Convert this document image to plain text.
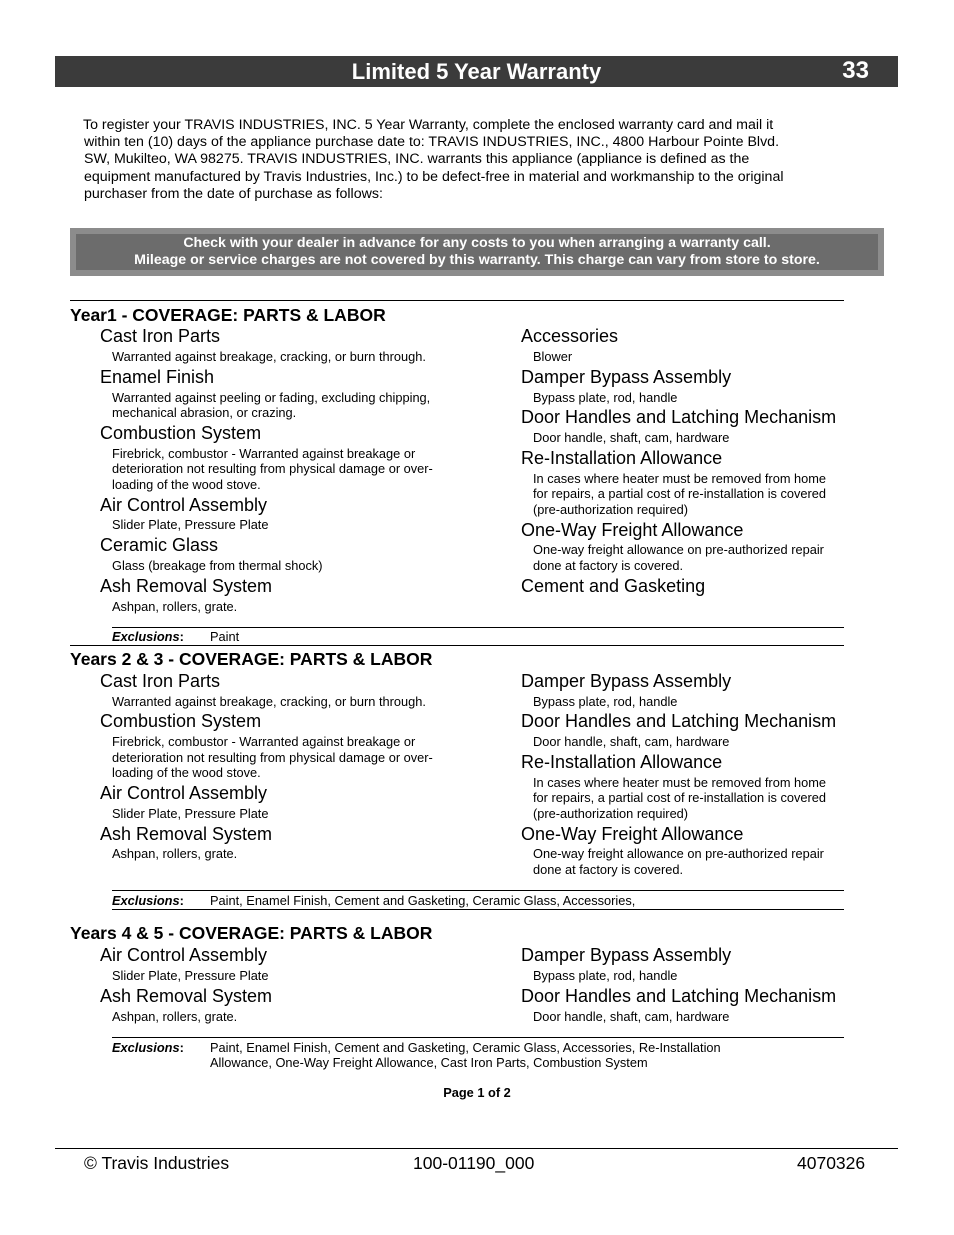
Limited 5 Year Warranty	33
To register your TRAVIS INDUSTRIES, INC. 5 Year Warranty, complete the enclosed warranty card and mail it
within ten (10) days of the appliance purchase date to: TRAVIS INDUSTRIES, INC., 4800 Harbour Pointe Blvd.
SW, Mukilteo, WA 98275. TRAVIS INDUSTRIES, INC. warrants this appliance (appliance is defined as the
equipment manufactured by Travis Industries, Inc.) to be defect-free in material and workmanship to the original
purchaser from the date of purchase as follows:
Check with your dealer in advance for any costs to you when arranging a warranty call.
Mileage or service charges are not covered by this warranty. This charge can vary from store to store.
Year1 - COVERAGE: PARTS & LABOR
Cast Iron Parts
Warranted against breakage, cracking, or burn through.
Enamel Finish
Warranted against peeling or fading, excluding chipping,
mechanical abrasion, or crazing.
Combustion System
Firebrick, combustor - Warranted against breakage or
deterioration not resulting from physical damage or over-
loading of the wood stove.
Air Control Assembly
Slider Plate, Pressure Plate
Ceramic Glass
Glass (breakage from thermal shock)
Ash Removal System
Ashpan, rollers, grate.
Accessories
Blower
Damper Bypass Assembly
Bypass plate, rod, handle
Door Handles and Latching Mechanism
Door handle, shaft, cam, hardware
Re-Installation Allowance
In cases where heater must be removed from home
for repairs, a partial cost of re-installation is covered
(pre-authorization required)
One-Way Freight Allowance
One-way freight allowance on pre-authorized repair
done at factory is covered.
Cement and Gasketing
Exclusions: Paint
Years 2 & 3 - COVERAGE: PARTS & LABOR
Cast Iron Parts
Warranted against breakage, cracking, or burn through.
Combustion System
Firebrick, combustor - Warranted against breakage or
deterioration not resulting from physical damage or over-
loading of the wood stove.
Air Control Assembly
Slider Plate, Pressure Plate
Ash Removal System
Ashpan, rollers, grate.
Damper Bypass Assembly
Bypass plate, rod, handle
Door Handles and Latching Mechanism
Door handle, shaft, cam, hardware
Re-Installation Allowance
In cases where heater must be removed from home
for repairs, a partial cost of re-installation is covered
(pre-authorization required)
One-Way Freight Allowance
One-way freight allowance on pre-authorized repair
done at factory is covered.
Exclusions: Paint, Enamel Finish, Cement and Gasketing, Ceramic Glass, Accessories,
Years 4 & 5 - COVERAGE: PARTS & LABOR
Air Control Assembly
Slider Plate, Pressure Plate
Ash Removal System
Ashpan, rollers, grate.
Damper Bypass Assembly
Bypass plate, rod, handle
Door Handles and Latching Mechanism
Door handle, shaft, cam, hardware
Exclusions: Paint, Enamel Finish, Cement and Gasketing, Ceramic Glass, Accessories, Re-Installation
Allowance, One-Way Freight Allowance, Cast Iron Parts, Combustion System
Page 1 of 2
© Travis Industries	100-01190_000	4070326
